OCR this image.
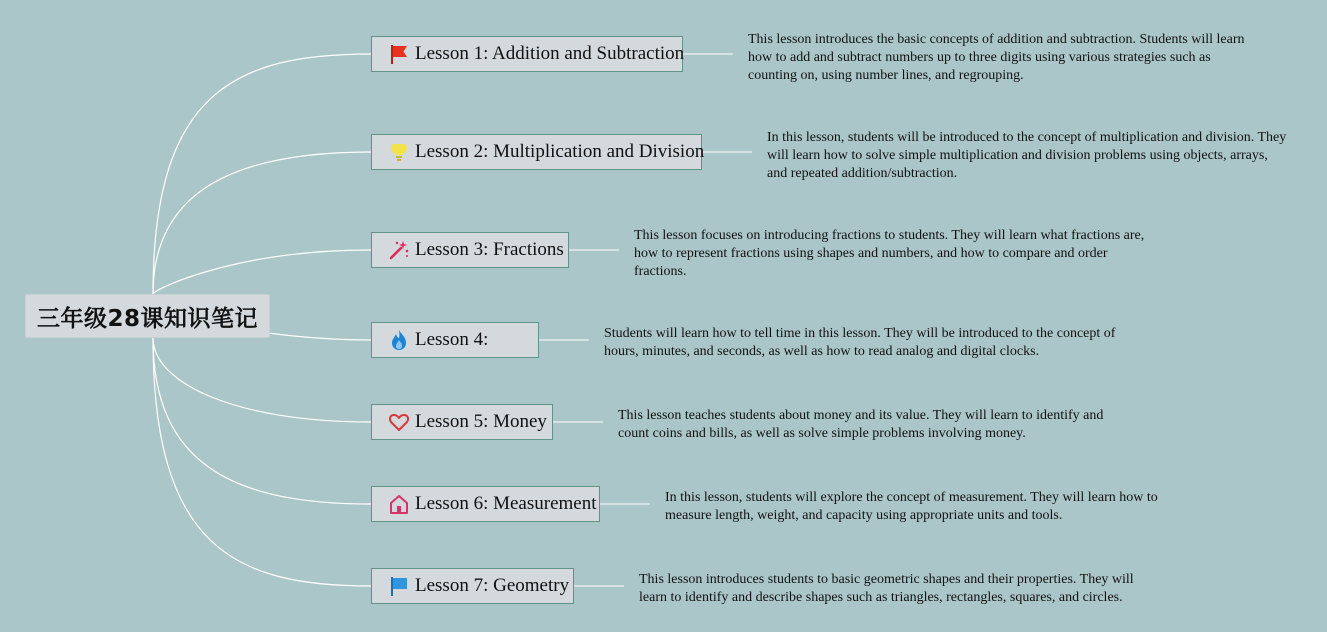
三年级28课知识笔记
Lesson 1: Addition and Subtraction
This lesson introduces the basic concepts of addition and subtraction. Students will learn how to add and subtract numbers up to three digits using various strategies such as counting on, using number lines, and regrouping.
Lesson 2: Multiplication and Division
In this lesson, students will be introduced to the concept of multiplication and division. They will learn how to solve simple multiplication and division problems using objects, arrays, and repeated addition/subtraction.
Lesson 3: Fractions
This lesson focuses on introducing fractions to students. They will learn what fractions are, how to represent fractions using shapes and numbers, and how to compare and order fractions.
Lesson 4:	Students will learn how to tell time in this lesson. They will be introduced to the concept of hours, minutes, and seconds, as well as how to read analog and digital clocks.
Lesson 5: Money	This lesson teaches students about money and its value. They will learn to identify and count coins and bills, as well as solve simple problems involving money.
Lesson 6: Measurement	In this lesson, students will explore the concept of measurement. They will learn how to measure length, weight, and capacity using appropriate units and tools.
Lesson 7: Geometry	This lesson introduces students to basic geometric shapes and their properties. They will learn to identify and describe shapes such as triangles, rectangles, squares, and circles.
